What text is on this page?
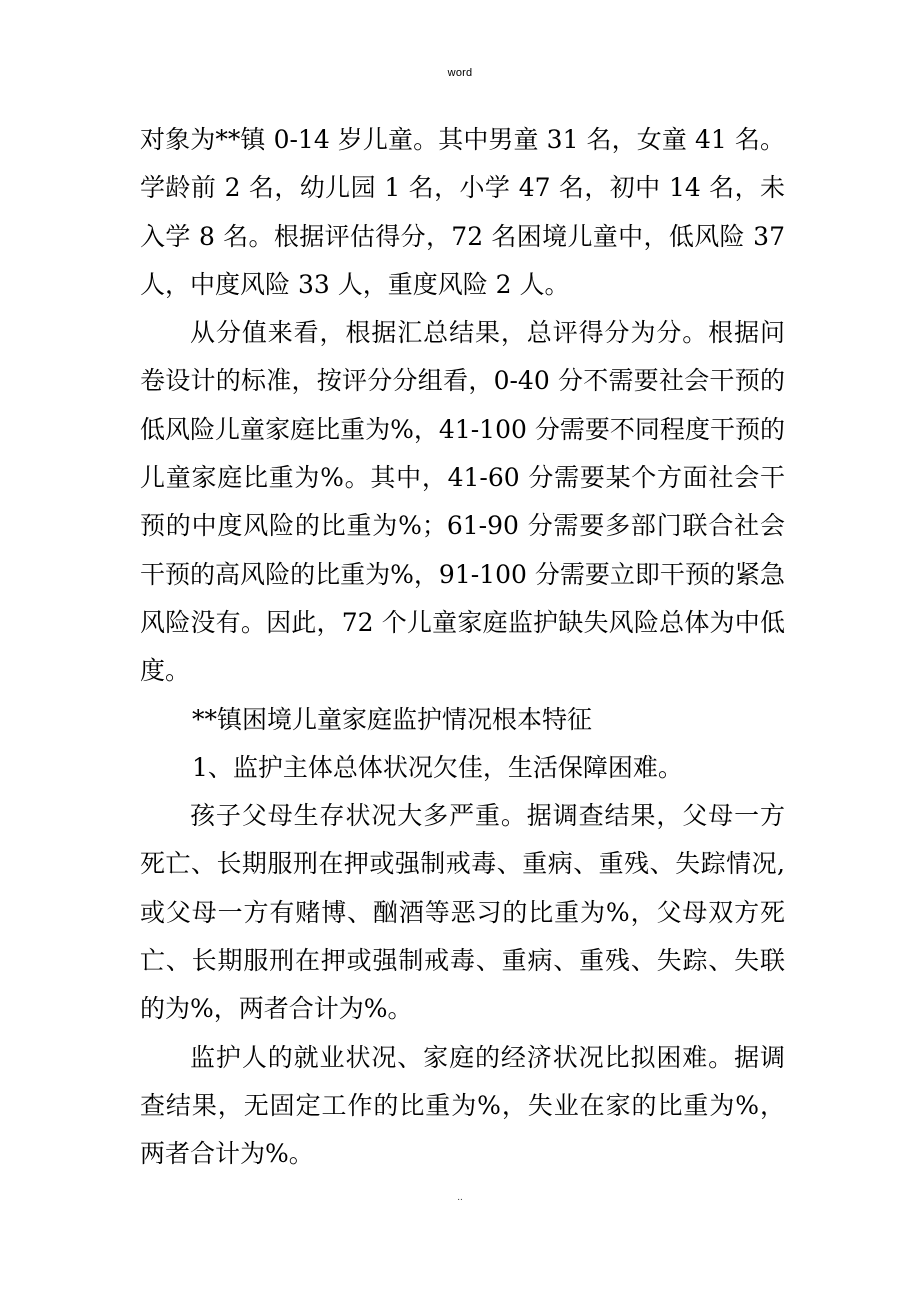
word

对象为**镇 0-14 岁儿童。其中男童 31 名，女童 41 名。学龄前 2 名，幼儿园 1 名，小学 47 名，初中 14 名，未入学 8 名。根据评估得分，72 名困境儿童中，低风险 37 人，中度风险 33 人，重度风险 2 人。

从分值来看，根据汇总结果，总评得分为分。根据问卷设计的标准，按评分分组看，0-40 分不需要社会干预的低风险儿童家庭比重为%，41-100 分需要不同程度干预的儿童家庭比重为%。其中，41-60 分需要某个方面社会干预的中度风险的比重为%；61-90 分需要多部门联合社会干预的高风险的比重为%，91-100 分需要立即干预的紧急风险没有。因此，72 个儿童家庭监护缺失风险总体为中低度。

**镇困境儿童家庭监护情况根本特征

1、监护主体总体状况欠佳，生活保障困难。

孩子父母生存状况大多严重。据调查结果，父母一方死亡、长期服刑在押或强制戒毒、重病、重残、失踪情况,或父母一方有赌博、酗酒等恶习的比重为%，父母双方死亡、长期服刑在押或强制戒毒、重病、重残、失踪、失联的为%，两者合计为%。

监护人的就业状况、家庭的经济状况比拟困难。据调查结果，无固定工作的比重为%，失业在家的比重为%，两者合计为%。

..
